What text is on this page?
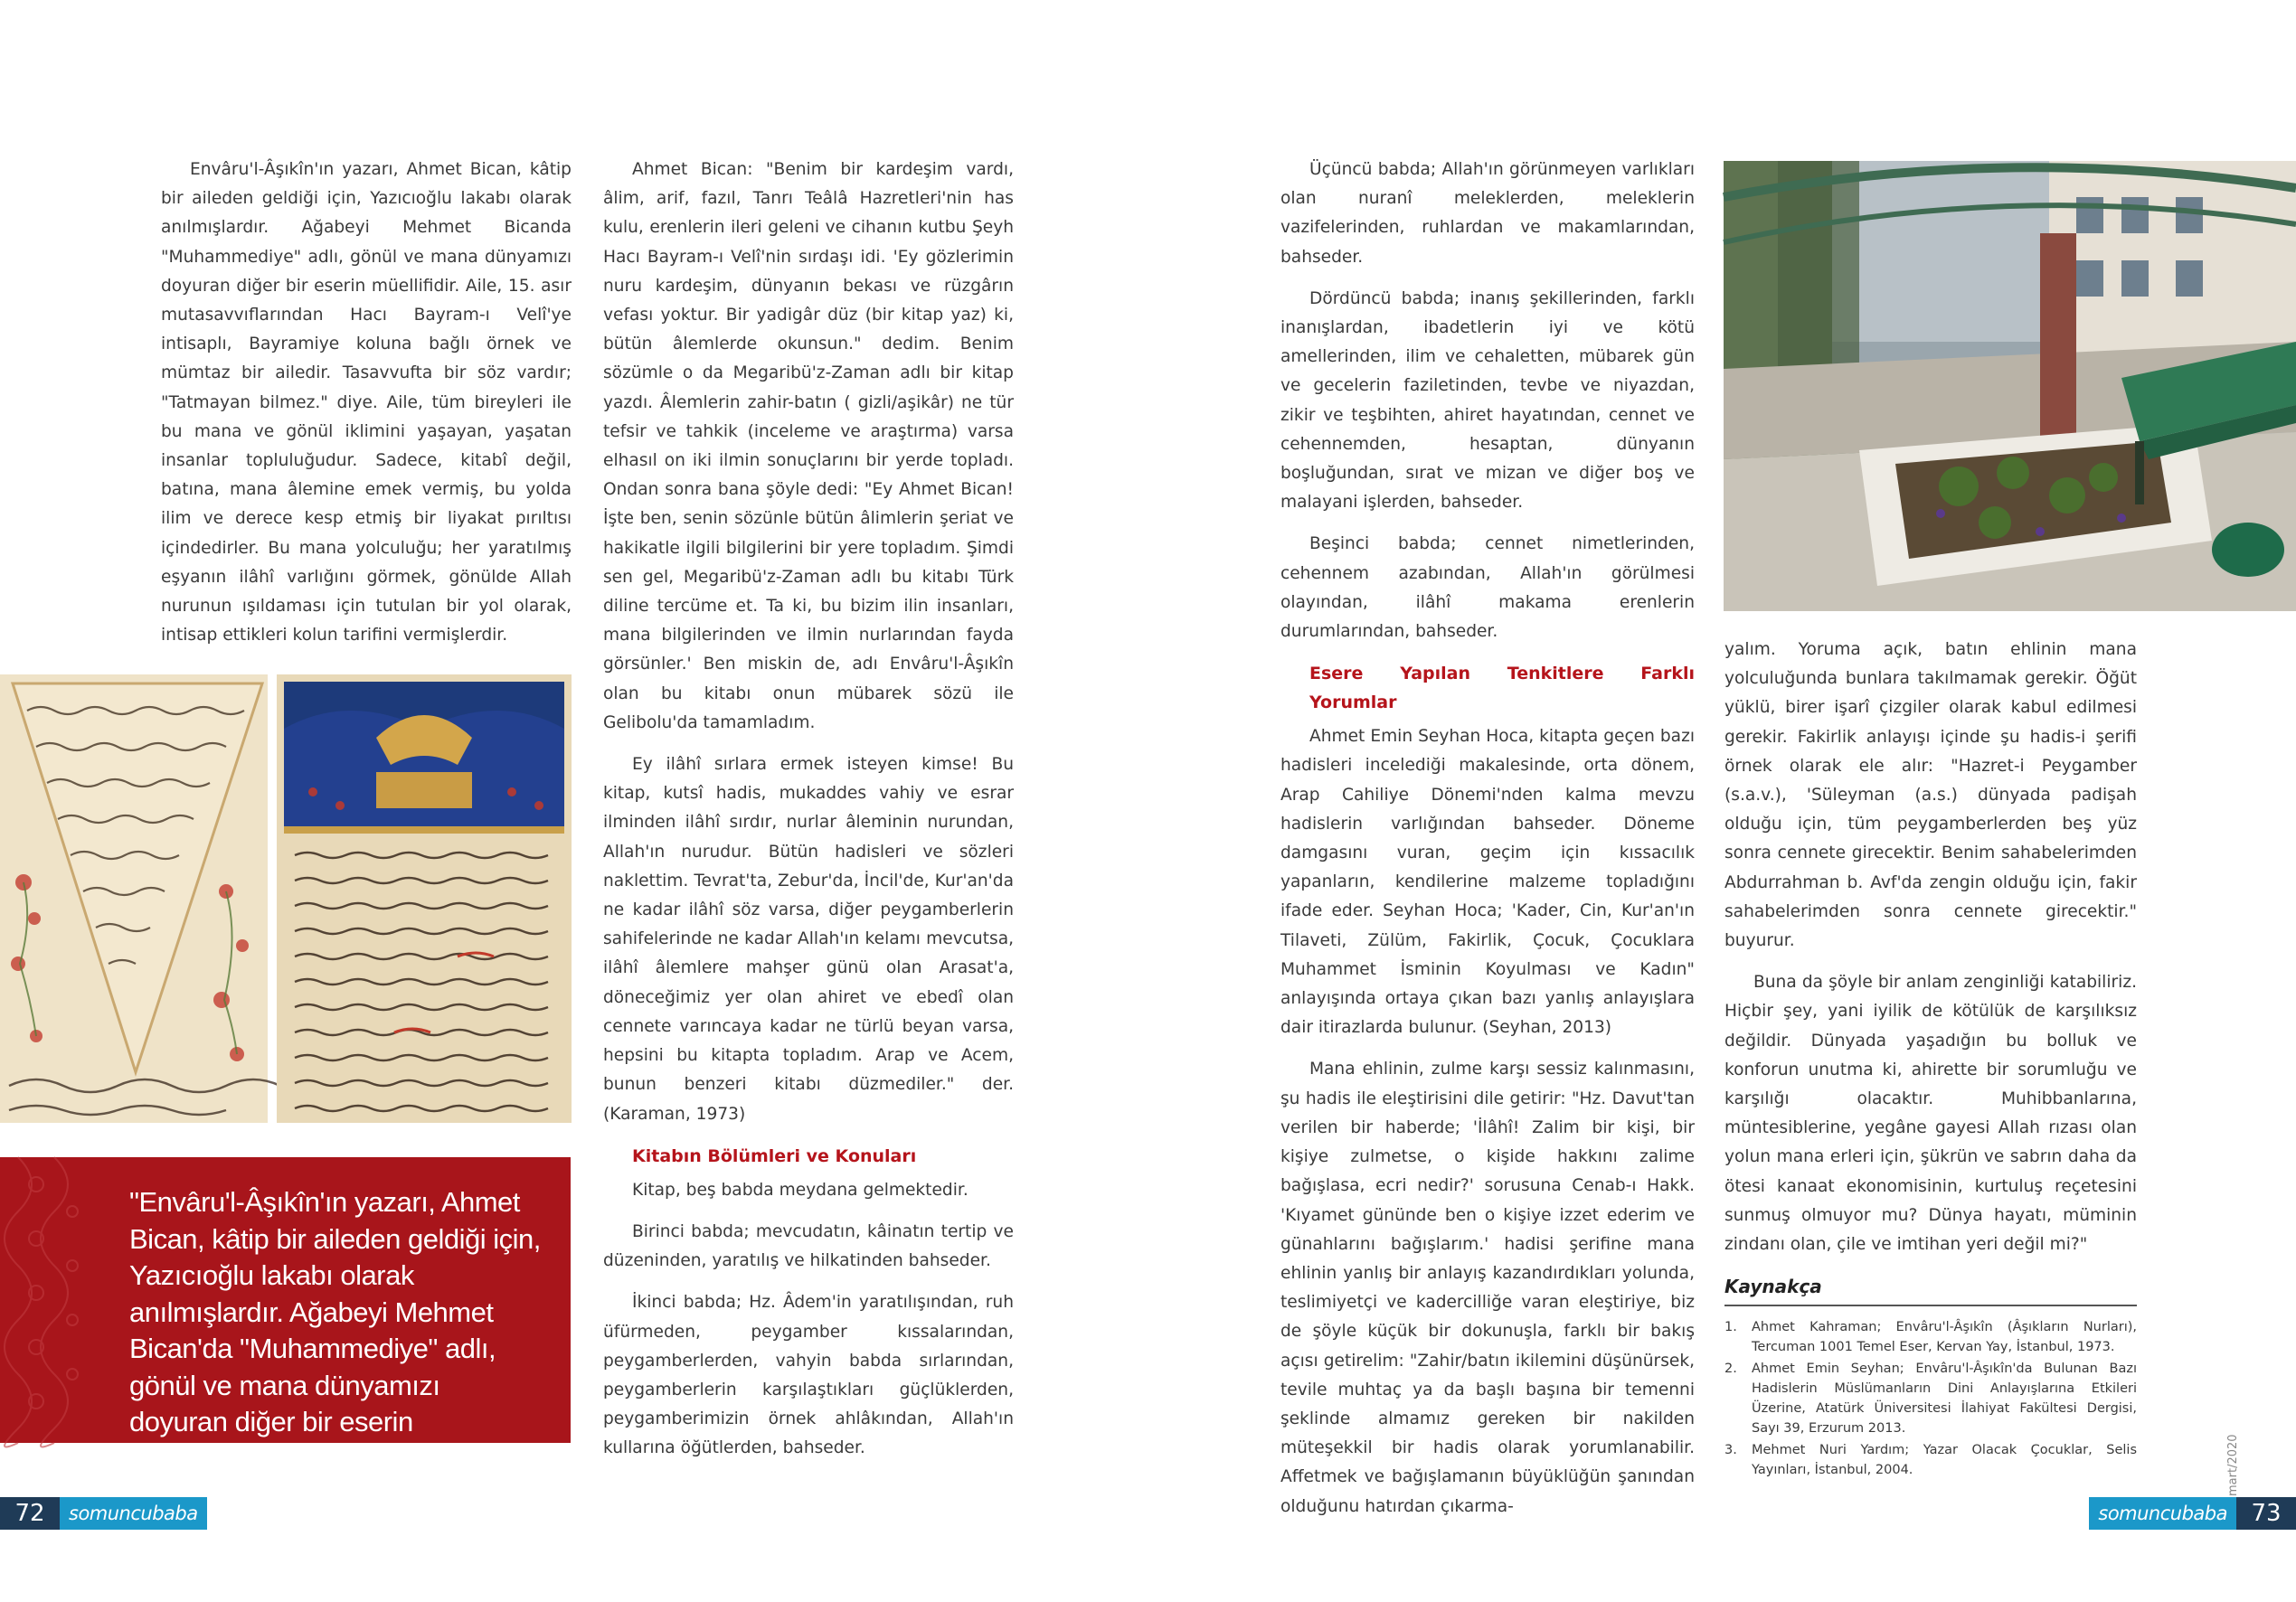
Envâru'l-Âşıkîn'ın yazarı, Ahmet Bican, kâtip bir aileden geldiği için, Yazıcıoğlu lakabı olarak anılmışlardır. Ağabeyi Mehmet Bicanda "Muhammediye" adlı, gönül ve mana dünyamızı doyuran diğer bir eserin müellifidir. Aile, 15. asır mutasavvıflarından Hacı Bayram-ı Velî'ye intisaplı, Bayramiye koluna bağlı örnek ve mümtaz bir ailedir. Tasavvufta bir söz vardır; "Tatmayan bilmez." diye. Aile, tüm bireyleri ile bu mana ve gönül iklimini yaşayan, yaşatan insanlar topluluğudur. Sadece, kitabî değil, batına, mana âlemine emek vermiş, bu yolda ilim ve derece kesp etmiş bir liyakat pırıltısı içindedirler. Bu mana yolculuğu; her yaratılmış eşyanın ilâhî varlığını görmek, gönülde Allah nurunun ışıldaması için tutulan bir yol olarak, intisap ettikleri kolun tarifini vermişlerdir.

"Envâru'l-Âşıkîn'ın yazarı, Ahmet Bican, kâtip bir aileden geldiği için, Yazıcıoğlu lakabı olarak anılmışlardır. Ağabeyi Mehmet Bican'da "Muhammediye" adlı, gönül ve mana dünyamızı doyuran diğer bir eserin müellifidir."

Ahmet Bican: "Benim bir kardeşim vardı, âlim, arif, fazıl, Tanrı Teâlâ Hazretleri'nin has kulu, erenlerin ileri geleni ve cihanın kutbu Şeyh Hacı Bayram-ı Velî'nin sırdaşı idi. 'Ey gözlerimin nuru kardeşim, dünyanın bekası ve rüzgârın vefası yoktur. Bir yadigâr düz (bir kitap yaz) ki, bütün âlemlerde okunsun." dedim. Benim sözümle o da Megaribü'z-Zaman adlı bir kitap yazdı. Âlemlerin zahir-batın ( gizli/aşikâr) ne tür tefsir ve tahkik (inceleme ve araştırma) varsa elhasıl on iki ilmin sonuçlarını bir yerde topladı. Ondan sonra bana şöyle dedi: "Ey Ahmet Bican! İşte ben, senin sözünle bütün âlimlerin şeriat ve hakikatle ilgili bilgilerini bir yere topladım. Şimdi sen gel, Megaribü'z-Zaman adlı bu kitabı Türk diline tercüme et. Ta ki, bu bizim ilin insanları, mana bilgilerinden ve ilmin nurlarından fayda görsünler.' Ben miskin de, adı Envâru'l-Âşıkîn olan bu kitabı onun mübarek sözü ile Gelibolu'da tamamladım.

Ey ilâhî sırlara ermek isteyen kimse! Bu kitap, kutsî hadis, mukaddes vahiy ve esrar ilminden ilâhî sırdır, nurlar âleminin nurundan, Allah'ın nurudur. Bütün hadisleri ve sözleri naklettim. Tevrat'ta, Zebur'da, İncil'de, Kur'an'da ne kadar ilâhî söz varsa, diğer peygamberlerin sahifelerinde ne kadar Allah'ın kelamı mevcutsa, ilâhî âlemlere mahşer günü olan Arasat'a, döneceğimiz yer olan ahiret ve ebedî olan cennete varıncaya kadar ne türlü beyan varsa, hepsini bu kitapta topladım. Arap ve Acem, bunun benzeri kitabı düzmediler." der. (Karaman, 1973)

Kitabın Bölümleri ve Konuları

Kitap, beş babda meydana gelmektedir.

Birinci babda; mevcudatın, kâinatın tertip ve düzeninden, yaratılış ve hilkatinden bahseder.

İkinci babda; Hz. Âdem'in yaratılışından, ruh üfürmeden, peygamber kıssalarından, peygamberlerden, vahyin babda sırlarından, peygamberlerin karşılaştıkları güçlüklerden, peygamberimizin örnek ahlâkından, Allah'ın kullarına öğütlerden, bahseder.

Üçüncü babda; Allah'ın görünmeyen varlıkları olan nuranî meleklerden, meleklerin vazifelerinden, ruhlardan ve makamlarından, bahseder.

Dördüncü babda; inanış şekillerinden, farklı inanışlardan, ibadetlerin iyi ve kötü amellerinden, ilim ve cehaletten, mübarek gün ve gecelerin faziletinden, tevbe ve niyazdan, zikir ve teşbihten, ahiret hayatından, cennet ve cehennemden, hesaptan, dünyanın boşluğundan, sırat ve mizan ve diğer boş ve malayani işlerden, bahseder.

Beşinci babda; cennet nimetlerinden, cehennem azabından, Allah'ın görülmesi olayından, ilâhî makama erenlerin durumlarından, bahseder.

Esere Yapılan Tenkitlere Farklı Yorumlar

Ahmet Emin Seyhan Hoca, kitapta geçen bazı hadisleri incelediği makalesinde, orta dönem, Arap Cahiliye Dönemi'nden kalma mevzu hadislerin varlığından bahseder. Döneme damgasını vuran, geçim için kıssacılık yapanların, kendilerine malzeme topladığını ifade eder. Seyhan Hoca; 'Kader, Cin, Kur'an'ın Tilaveti, Zülüm, Fakirlik, Çocuk, Çocuklara Muhammet İsminin Koyulması ve Kadın" anlayışında ortaya çıkan bazı yanlış anlayışlara dair itirazlarda bulunur. (Seyhan, 2013)

Mana ehlinin, zulme karşı sessiz kalınmasını, şu hadis ile eleştirisini dile getirir: "Hz. Davut'tan verilen bir haberde; 'İlâhî! Zalim bir kişi, bir kişiye zulmetse, o kişide hakkını zalime bağışlasa, ecri nedir?' sorusuna Cenab-ı Hakk. 'Kıyamet gününde ben o kişiye izzet ederim ve günahlarını bağışlarım.' hadisi şerifine mana ehlinin yanlış bir anlayış kazandırdıkları yolunda, teslimiyetçi ve kadercilliğe varan eleştiriye, biz de şöyle küçük bir dokunuşla, farklı bir bakış açısı getirelim: "Zahir/batın ikilemini düşünürsek, tevile muhtaç ya da başlı başına bir temenni şeklinde almamız gereken bir nakilden müteşekkil bir hadis olarak yorumlanabilir. Affetmek ve bağışlamanın büyüklüğün şanından olduğunu hatırdan çıkarma-

yalım. Yoruma açık, batın ehlinin mana yolculuğunda bunlara takılmamak gerekir. Öğüt yüklü, birer işarî çizgiler olarak kabul edilmesi gerekir. Fakirlik anlayışı içinde şu hadis-i şerifi örnek olarak ele alır: "Hazret-i Peygamber (s.a.v.), 'Süleyman (a.s.) dünyada padişah olduğu için, tüm peygamberlerden beş yüz sonra cennete girecektir. Benim sahabelerimden Abdurrahman b. Avf'da zengin olduğu için, fakir sahabelerimden sonra cennete girecektir." buyurur.

Buna da şöyle bir anlam zenginliği katabiliriz. Hiçbir şey, yani iyilik de kötülük de karşılıksız değildir. Dünyada yaşadığın bu bolluk ve konforun unutma ki, ahirette bir sorumluğu ve karşılığı olacaktır. Muhibbanlarına, müntesiblerine, yegâne gayesi Allah rızası olan yolun mana erleri için, şükrün ve sabrın daha da ötesi kanaat ekonomisinin, kurtuluş reçetesini sunmuş olmuyor mu? Dünya hayatı, müminin zindanı olan, çile ve imtihan yeri değil mi?"

Kaynakça
1.	Ahmet Kahraman; Envâru'l-Âşıkîn (Âşıkların Nurları), Tercuman 1001 Temel Eser, Kervan Yay, İstanbul, 1973.
2.	Ahmet Emin Seyhan; Envâru'l-Âşıkîn'da Bulunan Bazı Hadislerin Müslümanların Dini Anlayışlarına Etkileri Üzerine, Atatürk Üniversitesi İlahiyat Fakültesi Dergisi, Sayı 39, Erzurum 2013.
3.	Mehmet Nuri Yardım; Yazar Olacak Çocuklar, Selis Yayınları, İstanbul, 2004.
72	somuncubaba	somuncubaba	73
mart/2020
